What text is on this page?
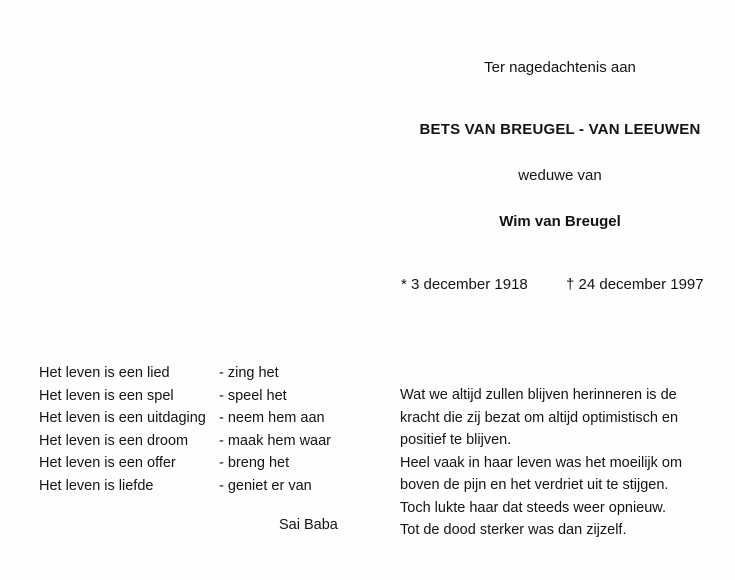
Ter nagedachtenis aan
BETS VAN BREUGEL - VAN LEEUWEN
weduwe van
Wim van Breugel
* 3 december 1918	† 24 december 1997
Het leven is een lied	- zing het
Het leven is een spel	- speel het
Het leven is een uitdaging - neem hem aan
Het leven is een droom - maak hem waar
Het leven is een offer	- breng het
Het leven is liefde	- geniet er van
Sai Baba
Wat we altijd zullen blijven herinneren is de
kracht die zij bezat om altijd optimistisch en
positief te blijven.
Heel vaak in haar leven was het moeilijk om
boven de pijn en het verdriet uit te stijgen.
Toch lukte haar dat steeds weer opnieuw.
Tot de dood sterker was dan zijzelf.
